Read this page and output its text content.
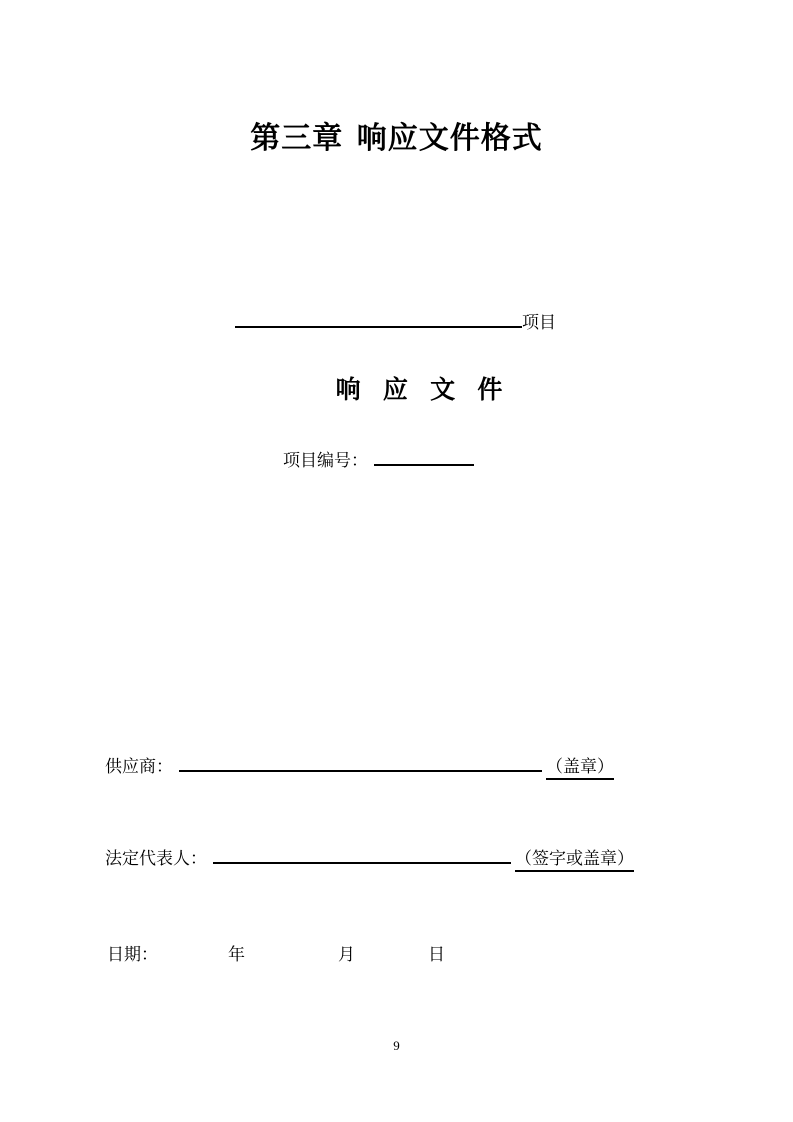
第三章 响应文件格式
项目
响 应 文 件
项目编号：
供应商：	（盖章）
法定代表人：	（签字或盖章）
日期：	年	月	日
9
